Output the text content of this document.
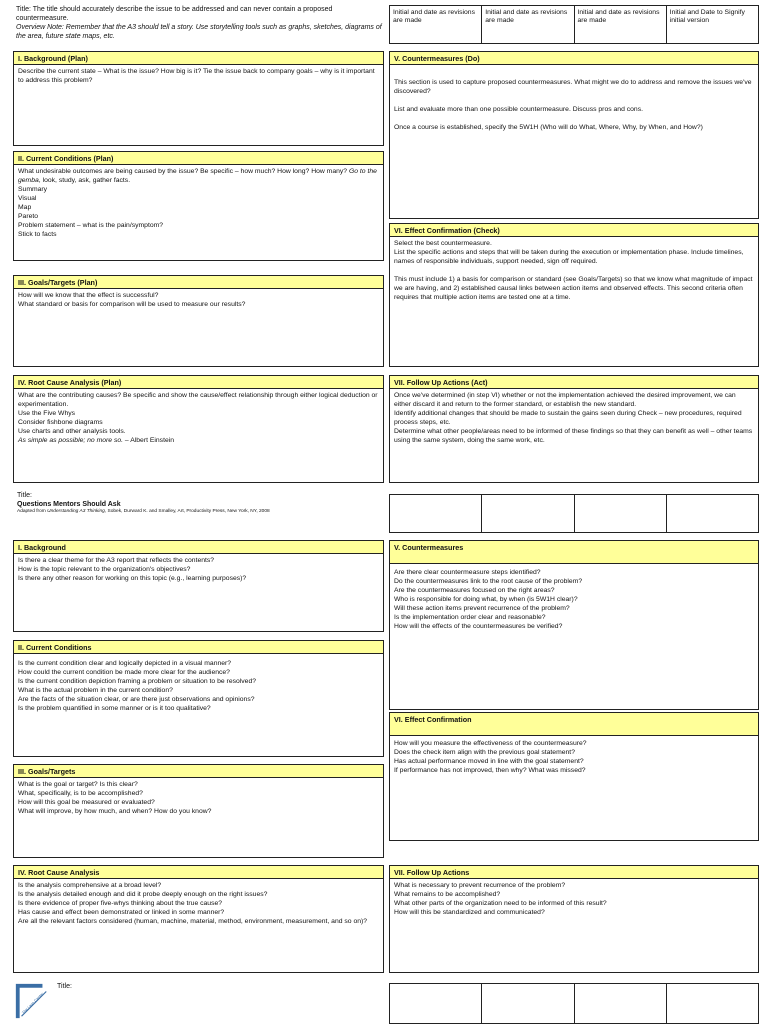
Title: The title should accurately describe the issue to be addressed and can never contain a proposed countermeasure.
Overview Note: Remember that the A3 should tell a story. Use storytelling tools such as graphs, sketches, diagrams of the area, future state maps, etc.
Initial and date as revisions are made
Initial and date as revisions are made
Initial and date as revisions are made
Initial and Date to Signify initial version
I. Background (Plan)
Describe the current state – What is the issue? How big is it? Tie the issue back to company goals – why is it important to address this problem?
II. Current Conditions (Plan)
What undesirable outcomes are being caused by the issue? Be specific – how much? How long? How many? Go to the gemba, look, study, ask, gather facts.
Summary
Visual
Map
Pareto
Problem statement – what is the pain/symptom?
Stick to facts
III. Goals/Targets (Plan)
How will we know that the effect is successful?
What standard or basis for comparison will be used to measure our results?
IV. Root Cause Analysis (Plan)
What are the contributing causes? Be specific and show the cause/effect relationship through either logical deduction or experimentation.
Use the Five Whys
Consider fishbone diagrams
Use charts and other analysis tools.
As simple as possible; no more so. – Albert Einstein
V. Countermeasures (Do)
This section is used to capture proposed countermeasures. What might we do to address and remove the issues we've discovered?

List and evaluate more than one possible countermeasure. Discuss pros and cons.

Once a course is established, specify the 5W1H (Who will do What, Where, Why, by When, and How?)
VI. Effect Confirmation (Check)
Select the best countermeasure.
List the specific actions and steps that will be taken during the execution or implementation phase. Include timelines, names of responsible individuals, support needed, sign off required.

This must include 1) a basis for comparison or standard (see Goals/Targets) so that we know what magnitude of impact we are having, and 2) established causal links between action items and observed effects. This second criteria often requires that multiple action items are tested one at a time.
VII. Follow Up Actions (Act)
Once we've determined (in step VI) whether or not the implementation achieved the desired improvement, we can either discard it and return to the former standard, or establish the new standard.
Identify additional changes that should be made to sustain the gains seen during Check – new procedures, required process steps, etc.
Determine what other people/areas need to be informed of these findings so that they can benefit as well – other teams using the same system, doing the same work, etc.
Title:
Questions Mentors Should Ask
Adapted from Understanding A3 Thinking, Sobek, Durward K. and Smalley, Art, Productivity Press, New York, NY, 2008
I. Background
Is there a clear theme for the A3 report that reflects the contents?
How is the topic relevant to the organization's objectives?
Is there any other reason for working on this topic (e.g., learning purposes)?
II. Current Conditions
Is the current condition clear and logically depicted in a visual manner?
How could the current condition be made more clear for the audience?
Is the current condition depiction framing a problem or situation to be resolved?
What is the actual problem in the current condition?
Are the facts of the situation clear, or are there just observations and opinions?
Is the problem quantified in some manner or is it too qualitative?
III. Goals/Targets
What is the goal or target? Is this clear?
What, specifically, is to be accomplished?
How will this goal be measured or evaluated?
What will improve, by how much, and when? How do you know?
IV. Root Cause Analysis
Is the analysis comprehensive at a broad level?
Is the analysis detailed enough and did it probe deeply enough on the right issues?
Is there evidence of proper five-whys thinking about the true cause?
Has cause and effect been demonstrated or linked in some manner?
Are all the relevant factors considered (human, machine, material, method, environment, measurement, and so on)?
V. Countermeasures
Are there clear countermeasure steps identified?
Do the countermeasures link to the root cause of the problem?
Are the countermeasures focused on the right areas?
Who is responsible for doing what, by when (is 5W1H clear)?
Will these action items prevent recurrence of the problem?
Is the implementation order clear and reasonable?
How will the effects of the countermeasures be verified?
VI. Effect Confirmation
How will you measure the effectiveness of the countermeasure?
Does the check item align with the previous goal statement?
Has actual performance moved in line with the goal statement?
If performance has not improved, then why? What was missed?
VII. Follow Up Actions
What is necessary to prevent recurrence of the problem?
What remains to be accomplished?
What other parts of the organization need to be informed of this result?
How will this be standardized and communicated?
The Lean Center
Title:
